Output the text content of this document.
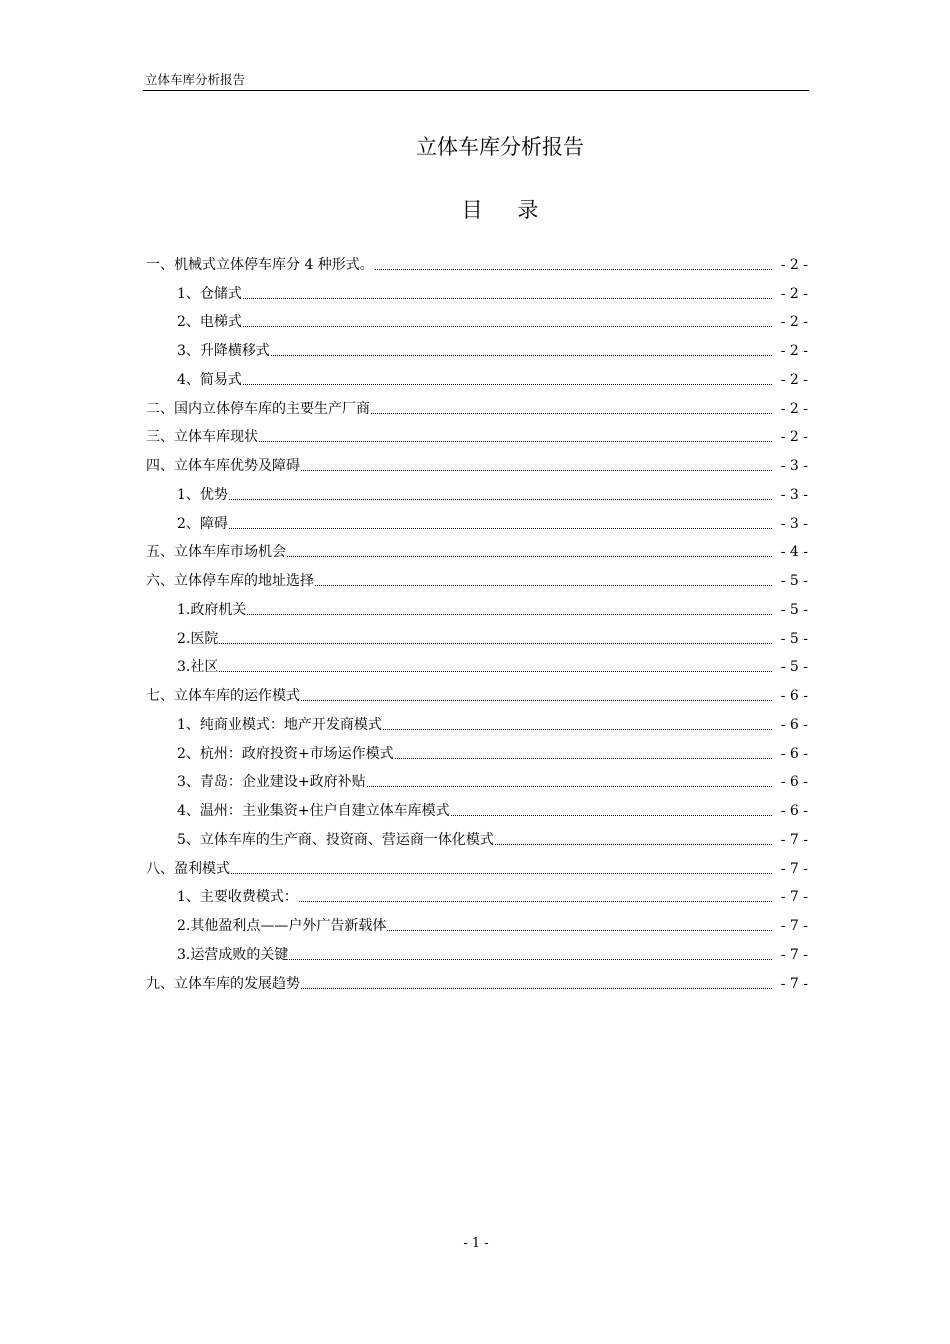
立体车库分析报告
立体车库分析报告
目 录
一、机械式立体停车库分 4 种形式。	- 2 -
1、仓储式	- 2 -
2、电梯式	- 2 -
3、升降横移式	- 2 -
4、简易式	- 2 -
二、国内立体停车库的主要生产厂商	- 2 -
三、立体车库现状	- 2 -
四、立体车库优势及障碍	- 3 -
1、优势	- 3 -
2、障碍	- 3 -
五、立体车库市场机会	- 4 -
六、立体停车库的地址选择	- 5 -
1.政府机关	- 5 -
2.医院	- 5 -
3.社区	- 5 -
七、立体车库的运作模式	- 6 -
1、纯商业模式：地产开发商模式	- 6 -
2、杭州：政府投资+市场运作模式	- 6 -
3、青岛：企业建设+政府补贴	- 6 -
4、温州：主业集资+住户自建立体车库模式	- 6 -
5、立体车库的生产商、投资商、营运商一体化模式	- 7 -
八、盈利模式	- 7 -
1、主要收费模式：	- 7 -
2.其他盈利点——户外广告新载体	- 7 -
3.运营成败的关键	- 7 -
九、立体车库的发展趋势	- 7 -
- 1 -
